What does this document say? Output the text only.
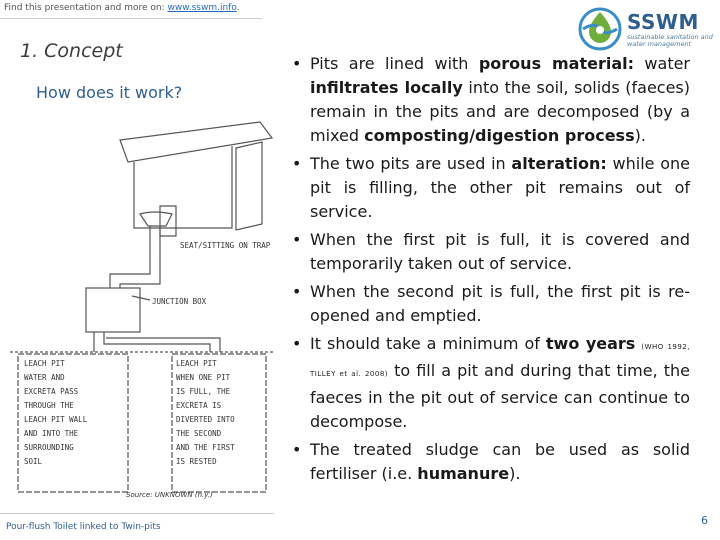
Find this presentation and more on: www.sswm.info.
SSWM
sustainable sanitation and water management
1. Concept
How does it work?
SEAT/SITTING ON TRAP
JUNCTION BOX
LEACH PIT	LEACH PIT
WATER AND
EXCRETA PASS
THROUGH THE
LEACH PIT WALL
AND INTO THE
SURROUNDING
SOIL
WHEN ONE PIT
IS FULL, THE
EXCRETA IS
DIVERTED INTO
THE SECOND
AND THE FIRST
IS RESTED
Source: UNKNOWN (n.y.)
• Pits are lined with porous material: water infiltrates locally into the soil, solids (faeces) remain in the pits and are decomposed (by a mixed composting/digestion process).
• The two pits are used in alteration: while one pit is filling, the other pit remains out of service.
• When the first pit is full, it is covered and temporarily taken out of service.
• When the second pit is full, the first pit is re-opened and emptied.
• It should take a minimum of two years (WHO 1992, TILLEY et al. 2008) to fill a pit and during that time, the faeces in the pit out of service can continue to decompose.
• The treated sludge can be used as solid fertiliser (i.e. humanure).
Pour-flush Toilet linked to Twin-pits	6
